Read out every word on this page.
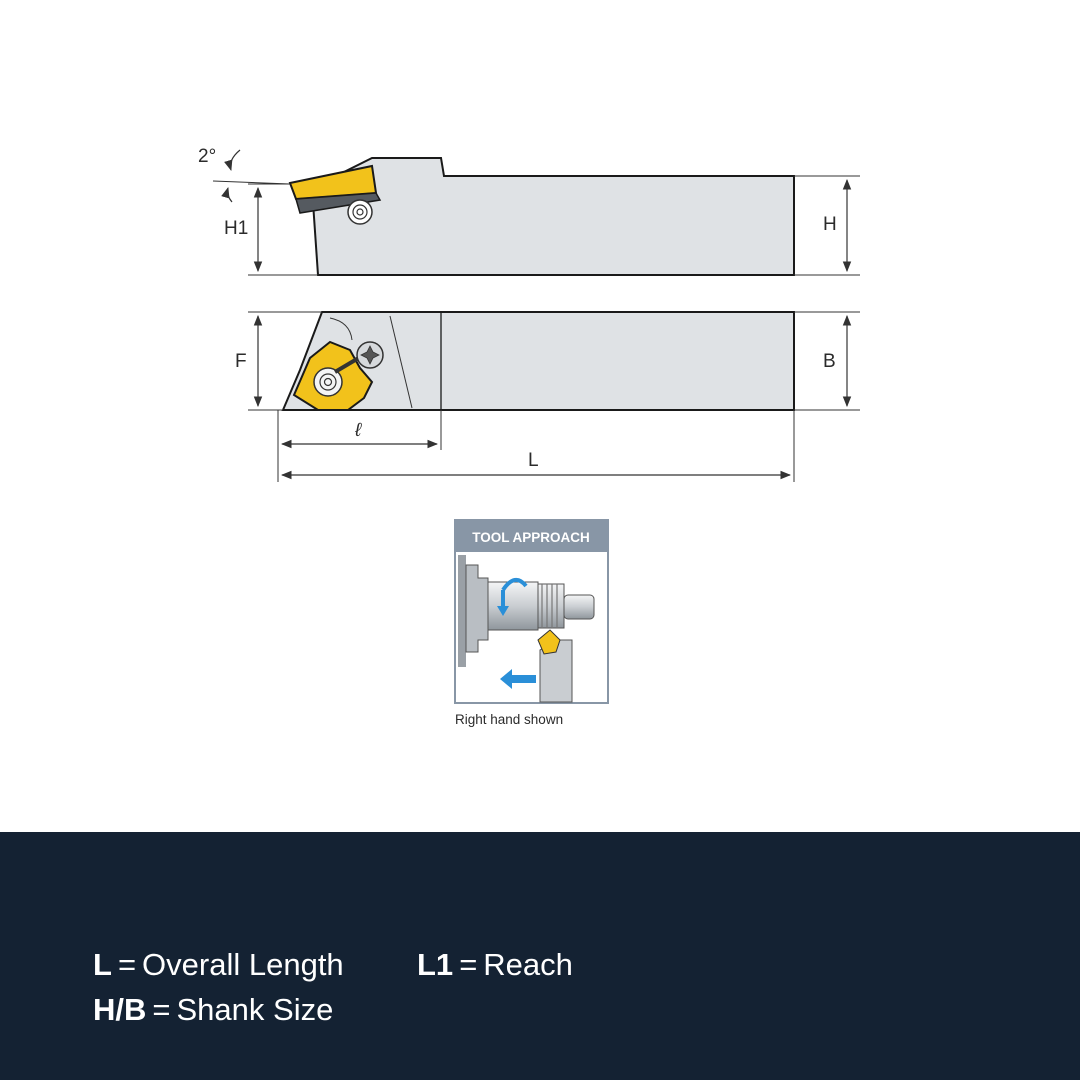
2°
H1	H
F	B
ℓ
L
TOOL APPROACH
Right hand shown
L = Overall Length L1 = Reach
H/B = Shank Size
